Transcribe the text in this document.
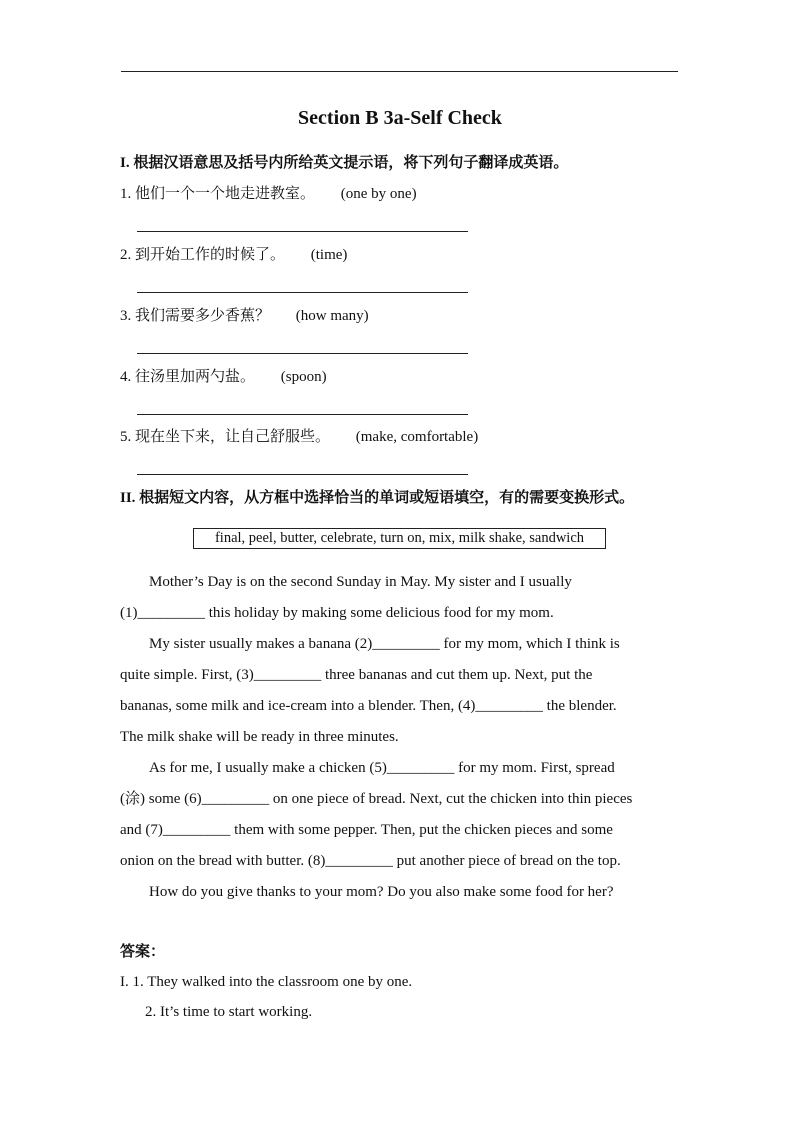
Section B 3a-Self Check
I. 根据汉语意思及括号内所给英文提示语，将下列句子翻译成英语。
1. 他们一个一个地走进教室。 (one by one)
2. 到开始工作的时候了。 (time)
3. 我们需要多少香蕉？ (how many)
4. 往汤里加两勺盐。 (spoon)
5. 现在坐下来，让自己舒服些。 (make, comfortable)
II. 根据短文内容，从方框中选择恰当的单词或短语填空，有的需要变换形式。
final, peel, butter, celebrate, turn on, mix, milk shake, sandwich

Mother’s Day is on the second Sunday in May. My sister and I usually

(1)_________ this holiday by making some delicious food for my mom.

My sister usually makes a banana (2)_________ for my mom, which I think is

quite simple. First, (3)_________ three bananas and cut them up. Next, put the

bananas, some milk and ice-cream into a blender. Then, (4)_________ the blender.

The milk shake will be ready in three minutes.

As for me, I usually make a chicken (5)_________ for my mom. First, spread

(涂) some (6)_________ on one piece of bread. Next, cut the chicken into thin pieces

and (7)_________ them with some pepper. Then, put the chicken pieces and some

onion on the bread with butter. (8)_________ put another piece of bread on the top.

How do you give thanks to your mom? Do you also make some food for her?

答案：
I. 1. They walked into the classroom one by one.
2. It’s time to start working.
